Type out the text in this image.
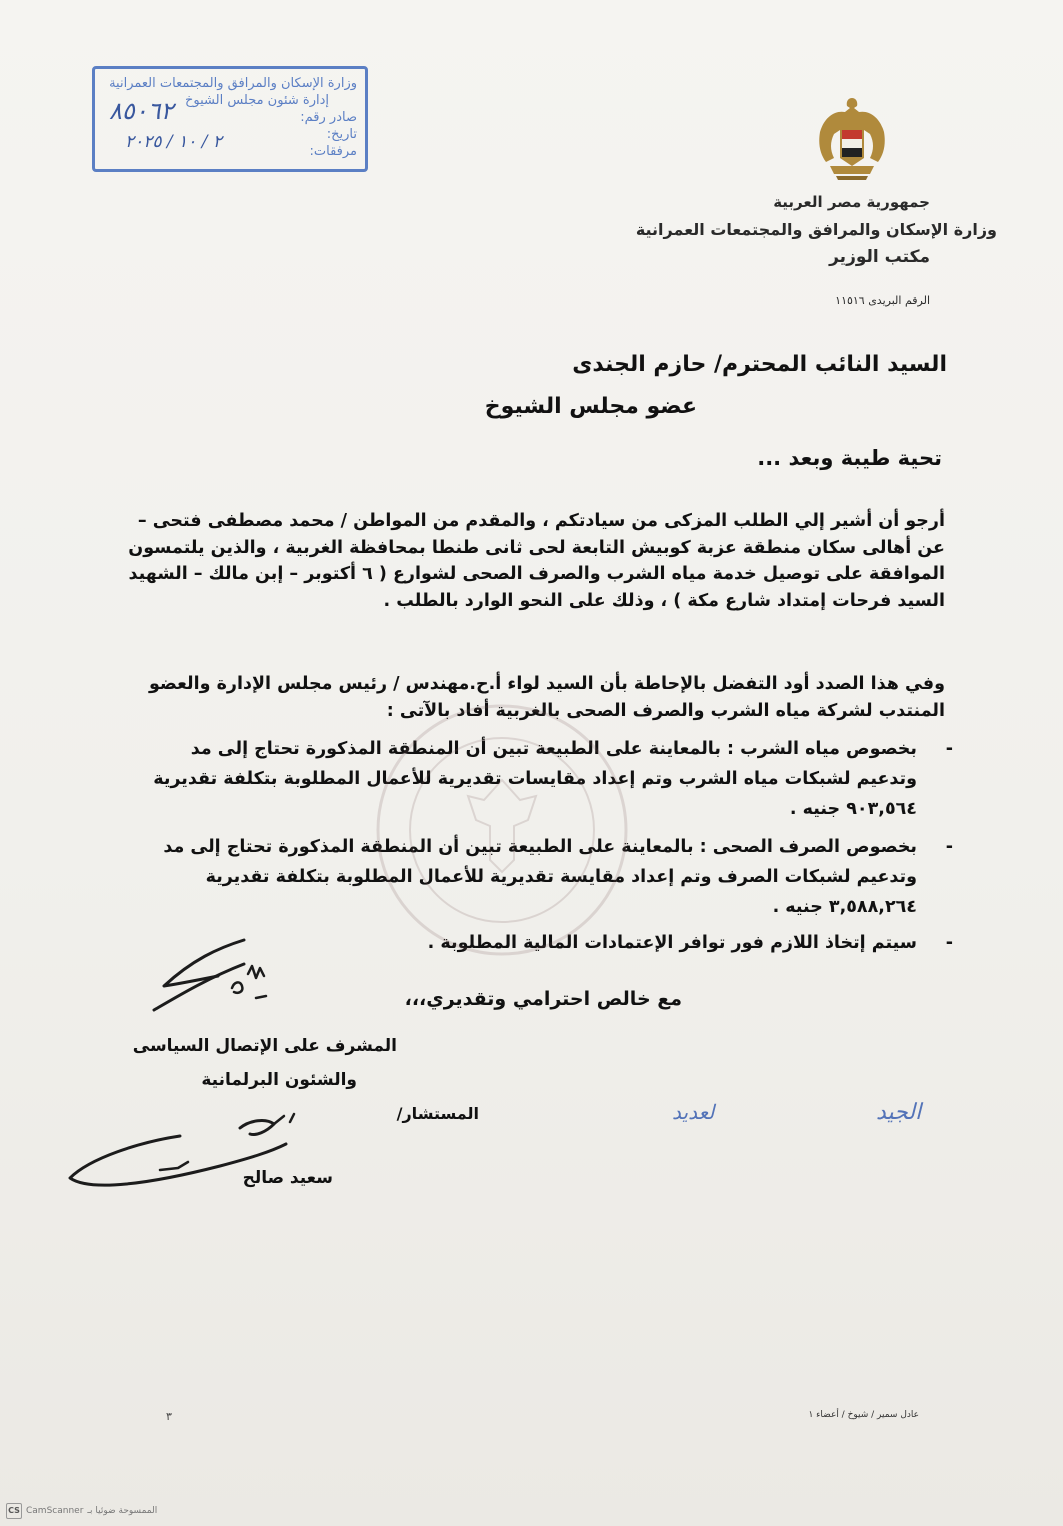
وزارة الإسكان والمرافق والمجتمعات العمرانية
إدارة شئون مجلس الشيوخ
صادر رقم:
تاريخ:
مرفقات:
٨٥٠٦٢
٢ / ١٠ / ٢٠٢٥
جمهورية مصر العربية
وزارة الإسكان والمرافق والمجتمعات العمرانية
مكتب الوزير
الرقم البريدى ١١٥١٦
السيد النائب المحترم/ حازم الجندى
عضو مجلس الشيوخ
تحية طيبة وبعد ...
أرجو أن أشير إلي الطلب المزكى من سيادتكم ، والمقدم من المواطن / محمد مصطفى فتحى –
عن أهالى سكان منطقة عزبة كوبيش التابعة لحى ثانى طنطا بمحافظة الغربية ، والذين يلتمسون
الموافقة على توصيل خدمة مياه الشرب والصرف الصحى لشوارع ( ٦ أكتوبر – إبن مالك – الشهيد
السيد فرحات إمتداد شارع مكة ) ، وذلك على النحو الوارد بالطلب .
وفي هذا الصدد أود التفضل بالإحاطة بأن السيد لواء أ.ح.مهندس / رئيس مجلس الإدارة والعضو
المنتدب لشركة مياه الشرب والصرف الصحى بالغربية أفاد بالآتى :
-
بخصوص مياه الشرب : بالمعاينة على الطبيعة تبين أن المنطقة المذكورة تحتاج إلى مد
وتدعيم لشبكات مياه الشرب وتم إعداد مقايسات تقديرية للأعمال المطلوبة بتكلفة تقديرية
٩٠٣,٥٦٤ جنيه .
-
بخصوص الصرف الصحى : بالمعاينة على الطبيعة تبين أن المنطقة المذكورة تحتاج إلى مد
وتدعيم لشبكات الصرف وتم إعداد مقايسة تقديرية للأعمال المطلوبة بتكلفة تقديرية
٣,٥٨٨,٢٦٤ جنيه .
-
سيتم إتخاذ اللازم فور توافر الإعتمادات المالية المطلوبة .
مع خالص احترامي وتقديري،،،
المشرف على الإتصال السياسى
والشئون البرلمانية
المستشار/	الجيد
لعديد
سعيد صالح
٣	عادل سمير / شيوخ / أعضاء ١
CS CamScanner الممسوحة ضوئيا بـ
